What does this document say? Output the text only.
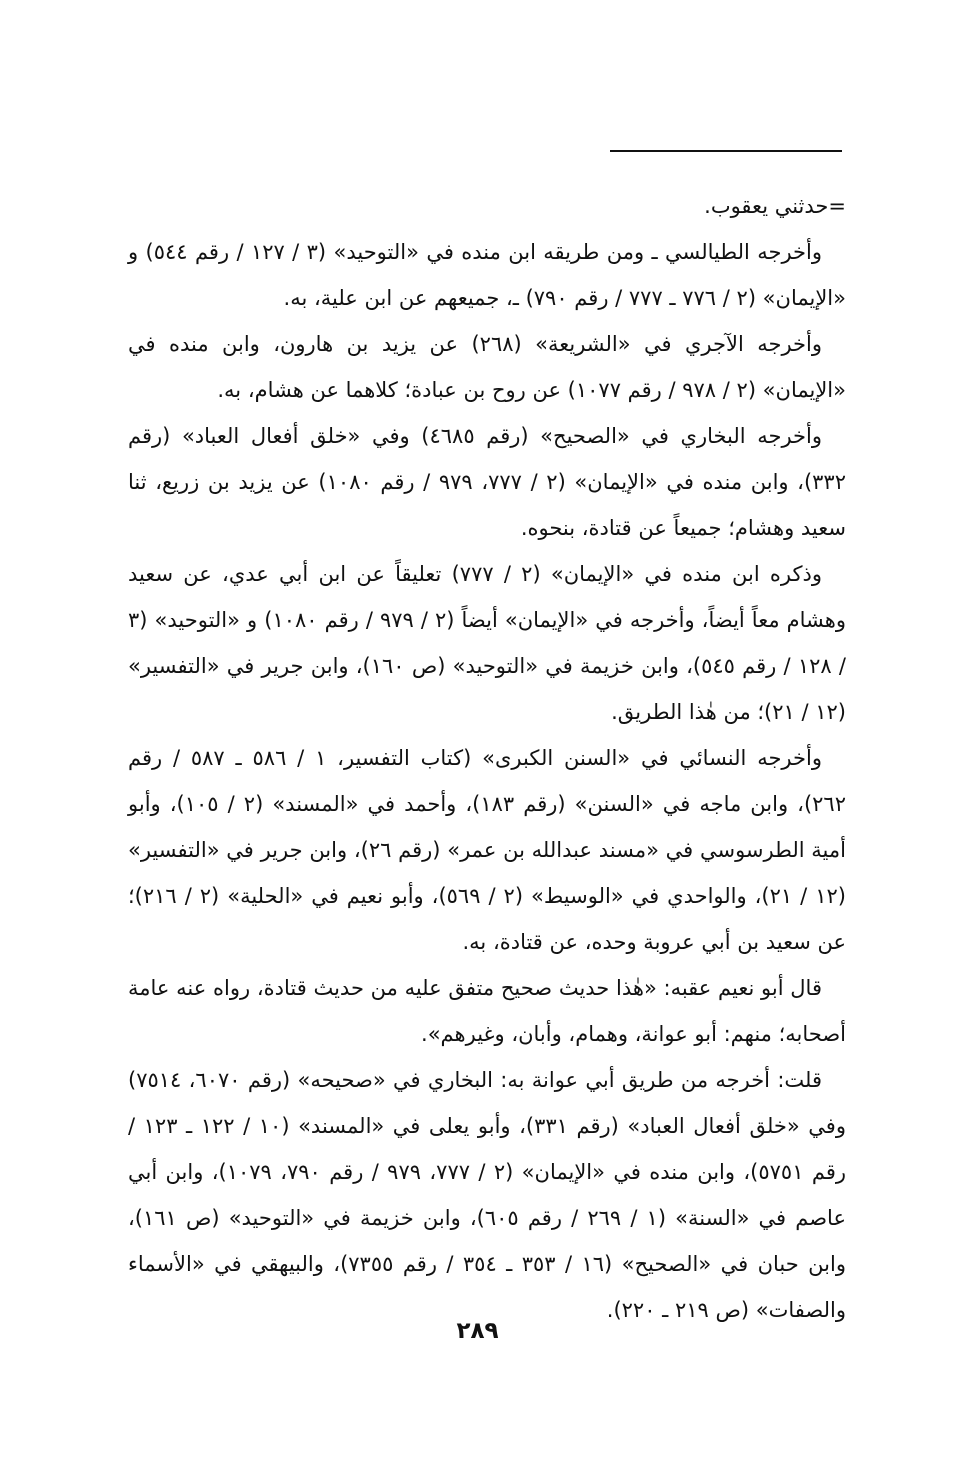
=حدثني يعقوب.

وأخرجه الطيالسي ـ ومن طريقه ابن منده في «التوحيد» (٣ / ١٢٧ / رقم ٥٤٤) و «الإيمان» (٢ / ٧٧٦ ـ ٧٧٧ / رقم ٧٩٠) ـ، جميعهم عن ابن علية، به.

وأخرجه الآجري في «الشريعة» (٢٦٨) عن يزيد بن هارون، وابن منده في «الإيمان» (٢ / ٩٧٨ / رقم ١٠٧٧) عن روح بن عبادة؛ كلاهما عن هشام، به.

وأخرجه البخاري في «الصحيح» (رقم ٤٦٨٥) وفي «خلق أفعال العباد» (رقم ٣٣٢)، وابن منده في «الإيمان» (٢ / ٧٧٧، ٩٧٩ / رقم ١٠٨٠) عن يزيد بن زريع، ثنا سعيد وهشام؛ جميعاً عن قتادة، بنحوه.

وذكره ابن منده في «الإيمان» (٢ / ٧٧٧) تعليقاً عن ابن أبي عدي، عن سعيد وهشام معاً أيضاً، وأخرجه في «الإيمان» أيضاً (٢ / ٩٧٩ / رقم ١٠٨٠) و «التوحيد» (٣ / ١٢٨ / رقم ٥٤٥)، وابن خزيمة في «التوحيد» (ص ١٦٠)، وابن جرير في «التفسير» (١٢ / ٢١)؛ من هٰذا الطريق.

وأخرجه النسائي في «السنن الكبرى» (كتاب التفسير، ١ / ٥٨٦ ـ ٥٨٧ / رقم ٢٦٢)، وابن ماجه في «السنن» (رقم ١٨٣)، وأحمد في «المسند» (٢ / ١٠٥)، وأبو أمية الطرسوسي في «مسند عبدالله بن عمر» (رقم ٢٦)، وابن جرير في «التفسير» (١٢ / ٢١)، والواحدي في «الوسيط» (٢ / ٥٦٩)، وأبو نعيم في «الحلية» (٢ / ٢١٦)؛ عن سعيد بن أبي عروبة وحده، عن قتادة، به.

قال أبو نعيم عقبه: «هٰذا حديث صحيح متفق عليه من حديث قتادة، رواه عنه عامة أصحابه؛ منهم: أبو عوانة، وهمام، وأبان، وغيرهم».

قلت: أخرجه من طريق أبي عوانة به: البخاري في «صحيحه» (رقم ٦٠٧٠، ٧٥١٤) وفي «خلق أفعال العباد» (رقم ٣٣١)، وأبو يعلى في «المسند» (١٠ / ١٢٢ ـ ١٢٣ / رقم ٥٧٥١)، وابن منده في «الإيمان» (٢ / ٧٧٧، ٩٧٩ / رقم ٧٩٠، ١٠٧٩)، وابن أبي عاصم في «السنة» (١ / ٢٦٩ / رقم ٦٠٥)، وابن خزيمة في «التوحيد» (ص ١٦١)، وابن حبان في «الصحيح» (١٦ / ٣٥٣ ـ ٣٥٤ / رقم ٧٣٥٥)، والبيهقي في «الأسماء والصفات» (ص ٢١٩ ـ ٢٢٠).

٢٨٩
